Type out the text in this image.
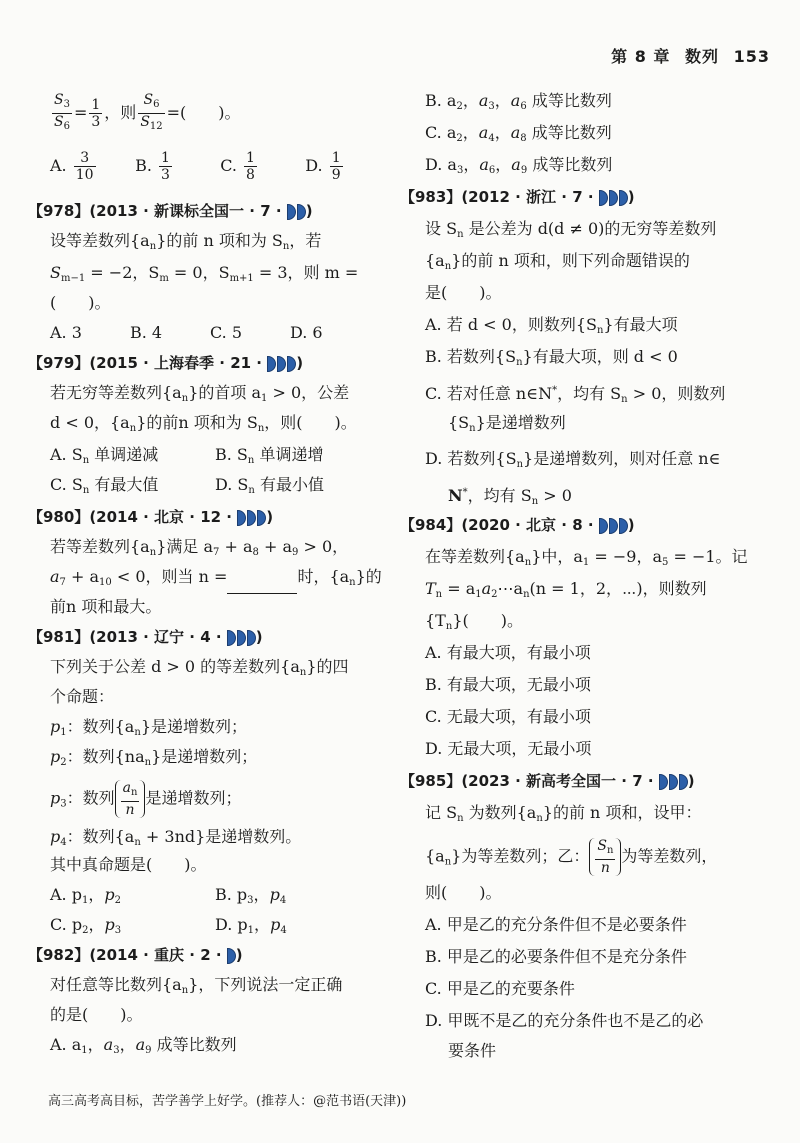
第 8 章 数列 153
$\frac{S_3}{S_6} = \frac{1}{3}$ ，则 $\frac{S_6}{S_{12}}$ =(　　)。
A. $\frac{3}{10} B$. $\frac{1}{3}$	C. $\frac{1}{8}$	D. $\frac{1}{9}$
【978】(2013 · 新课标全国一 · 7 ·
)
设等差数列$\{a_n\}$的前 n 项和为 $S_n$，若
$S_{m-1} = -2$，$S_m = 0$，$S_{m+1} = 3$，则 m =
(　　)。
A. 3	B. 4	C. 5	D. 6
【979】(2015 · 上海春季 · 21 ·
)
若无穷等差数列$\{a_n\}$的首项 $a_1 > 0$，公差
d < 0，$\{a_n\}$的前n 项和为 $S_n$，则(　　)。
A. $S_n$ 单调递减	B. $S_n$ 单调递增
C. $S_n$ 有最大值	D. $S_n$ 有最小值
【980】(2014 · 北京 · 12 ·
)
若等差数列$\{a_n\}$满足 $a_7 + a_8 + a_9 > 0$，
$a_7 + a_{10} < 0$，则当 n =	时，$\{a_n\}$的
前n 项和最大。
【981】(2013 · 辽宁 · 4 ·
)
下列关于公差 d > 0 的等差数列$\{a_n\}$的四
个命题：
$p_1$：数列$\{a_n\}$是递增数列；
$p_2$：数列$\{na_n\}$是递增数列；
$p_3$：数列 $\frac{a_n}{n}$ 是递增数列；
$p_4$：数列$\{a_n + 3nd\}$是递增数列。
其中真命题是(　　)。
A. $p_1$，$p_2$	B. $p_3$，$p_4$
C. $p_2$，$p_3$	D. $p_1$，$p_4$
【982】(2014 · 重庆 · 2 ·
)
对任意等比数列$\{a_n\}$，下列说法一定正确
的是(　　)。
A. $a_1$，$a_3$，$a_9$ 成等比数列
B. $a_2$，$a_3$，$a_6$ 成等比数列
C. $a_2$，$a_4$，$a_8$ 成等比数列
D. $a_3$，$a_6$，$a_9$ 成等比数列
【983】(2012 · 浙江 · 7 ·
)
设 $S_n$ 是公差为 d(d ≠ 0)的无穷等差数列
$\{a_n\}$的前 n 项和，则下列命题错误的
是(　　)。
A. 若 d < 0，则数列$\{S_n\}$有最大项
B. 若数列$\{S_n\}$有最大项，则 d < 0
C. 若对任意 n∈N*，均有 $S_n > 0$，则数列
$\{S_n\}$是递增数列
D. 若数列$\{S_n\}$是递增数列，则对任意 n∈
N*，均有 $S_n > 0$
【984】(2020 · 北京 · 8 ·
)
在等差数列$\{a_n\}$中，$a_1 = -9$，$a_5 = -1$。记
$T_n$ = $a_1a_2\cdots a_n(n = 1$，2，⋯)，则数列
$\{T_n\}$(　　)。
A. 有最大项，有最小项
B. 有最大项，无最小项
C. 无最大项，有最小项
D. 无最大项，无最小项
【985】(2023 · 新高考全国一 · 7 ·
)
记 $S_n$ 为数列$\{a_n\}$的前 n 项和，设甲：
$\{a_n\}$为等差数列；乙： $\frac{S_n}{n}$ 为等差数列，
则(　　)。
A. 甲是乙的充分条件但不是必要条件
B. 甲是乙的必要条件但不是充分条件
C. 甲是乙的充要条件
D. 甲既不是乙的充分条件也不是乙的必
要条件
高三高考高目标，苦学善学上好学。(推荐人：@范书语(天津))
